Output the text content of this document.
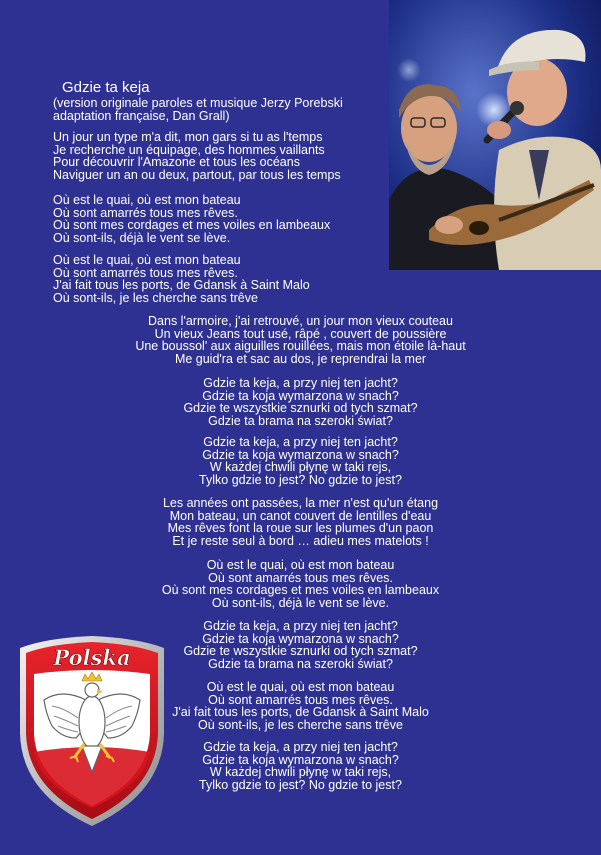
Gdzie ta keja
(version originale paroles et musique Jerzy Porebski
adaptation française, Dan Grall)
Un jour un type m'a dit, mon gars si tu as l'temps
Je recherche un équipage, des hommes vaillants
Pour découvrir l'Amazone et tous les océans
Naviguer un an ou deux, partout, par tous les temps
Où est le quai, où est mon bateau
Où sont amarrés tous mes rêves.
Où sont mes cordages et mes voiles en lambeaux
Où sont-ils, déjà le vent se lève.
Où est le quai, où est mon bateau
Où sont amarrés tous mes rêves.
J'ai fait tous les ports, de Gdansk à Saint Malo
Où sont-ils, je les cherche sans trêve
Dans l'armoire, j'ai retrouvé, un jour mon vieux couteau
Un vieux Jeans tout usé, râpé , couvert de poussière
Une boussol' aux aiguilles rouillées, mais mon étoile là-haut
Me guid'ra et sac au dos, je reprendrai la mer
Gdzie ta keja, a przy niej ten jacht?
Gdzie ta koja wymarzona w snach?
Gdzie te wszystkie sznurki od tych szmat?
Gdzie ta brama na szeroki świat?
Gdzie ta keja, a przy niej ten jacht?
Gdzie ta koja wymarzona w snach?
W każdej chwili płynę w taki rejs,
Tylko gdzie to jest? No gdzie to jest?
Les années ont passées, la mer n'est qu'un étang
Mon bateau, un canot couvert de lentilles d'eau
Mes rêves font la roue sur les plumes d'un paon
Et je reste seul à bord … adieu mes matelots !
Où est le quai, où est mon bateau
Où sont amarrés tous mes rêves.
Où sont mes cordages et mes voiles en lambeaux
Où sont-ils, déjà le vent se lève.
Gdzie ta keja, a przy niej ten jacht?
Gdzie ta koja wymarzona w snach?
Gdzie te wszystkie sznurki od tych szmat?
Gdzie ta brama na szeroki świat?
Où est le quai, où est mon bateau
Où sont amarrés tous mes rêves.
J'ai fait tous les ports, de Gdansk à Saint Malo
Où sont-ils, je les cherche sans trêve
Gdzie ta keja, a przy niej ten jacht?
Gdzie ta koja wymarzona w snach?
W każdej chwili płynę w taki rejs,
Tylko gdzie to jest? No gdzie to jest?
Polska
